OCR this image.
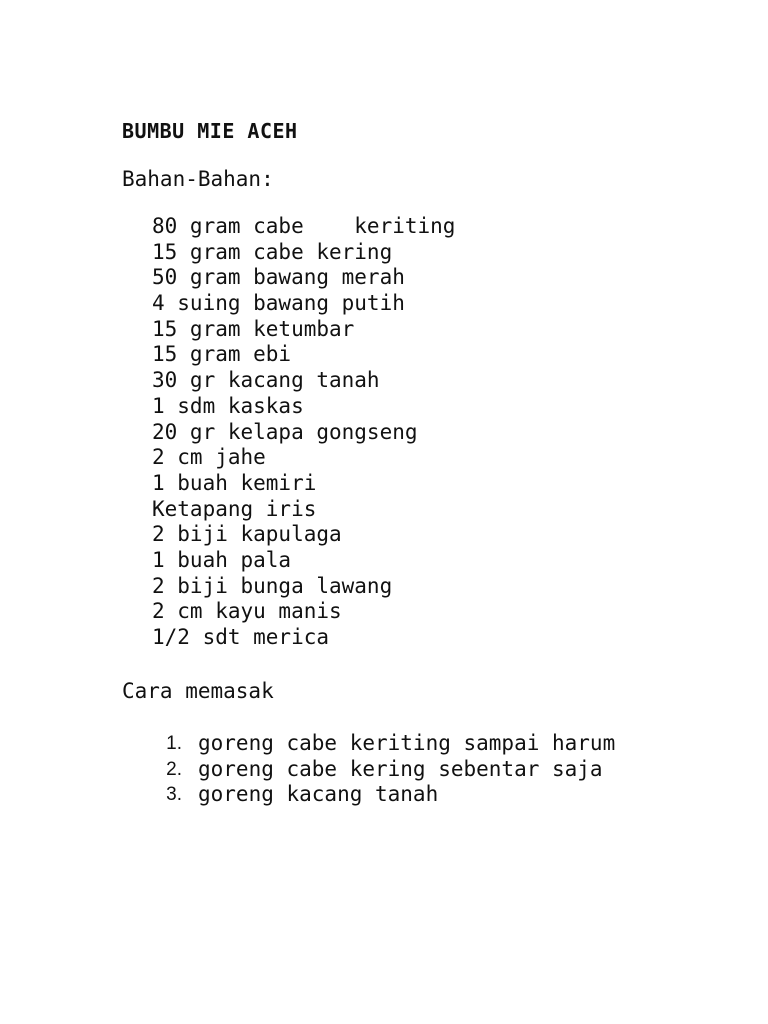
BUMBU MIE ACEH

Bahan-Bahan:

80 gram cabe    keriting
15 gram cabe kering
50 gram bawang merah
4 suing bawang putih
15 gram ketumbar
15 gram ebi
30 gr kacang tanah
1 sdm kaskas
20 gr kelapa gongseng
2 cm jahe
1 buah kemiri
Ketapang iris
2 biji kapulaga
1 buah pala
2 biji bunga lawang
2 cm kayu manis
1/2 sdt merica

Cara memasak

1. goreng cabe keriting sampai harum
2. goreng cabe kering sebentar saja
3. goreng kacang tanah
